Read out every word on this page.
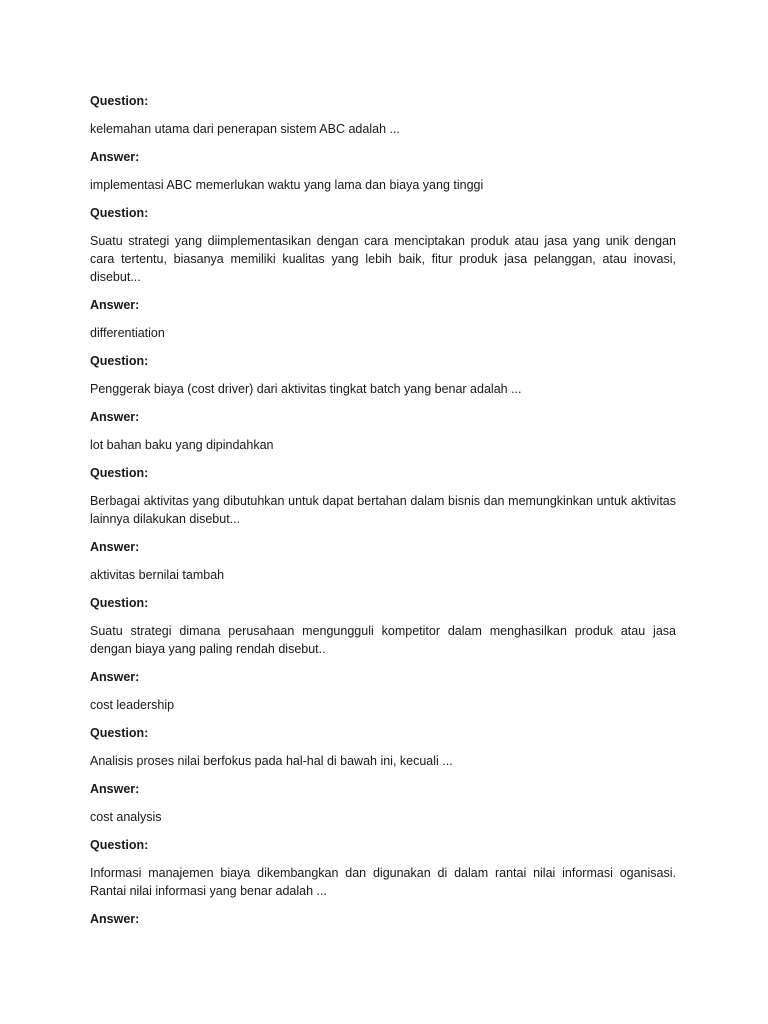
Question:

kelemahan utama dari penerapan sistem ABC adalah ...

Answer:

implementasi ABC memerlukan waktu yang lama dan biaya yang tinggi

Question:

Suatu strategi yang diimplementasikan dengan cara menciptakan produk atau jasa yang unik dengan cara tertentu, biasanya memiliki kualitas yang lebih baik, fitur produk jasa pelanggan, atau inovasi, disebut...

Answer:

differentiation

Question:

Penggerak biaya (cost driver) dari aktivitas tingkat batch yang benar adalah ...

Answer:

lot bahan baku yang dipindahkan

Question:

Berbagai aktivitas yang dibutuhkan untuk dapat bertahan dalam bisnis dan memungkinkan untuk aktivitas lainnya dilakukan disebut...

Answer:

aktivitas bernilai tambah

Question:

Suatu strategi dimana perusahaan mengungguli kompetitor dalam menghasilkan produk atau jasa dengan biaya yang paling rendah disebut..

Answer:

cost leadership

Question:

Analisis proses nilai berfokus pada hal-hal di bawah ini, kecuali ...

Answer:

cost analysis

Question:

Informasi manajemen biaya dikembangkan dan digunakan di dalam rantai nilai informasi oganisasi. Rantai nilai informasi yang benar adalah ...

Answer:
